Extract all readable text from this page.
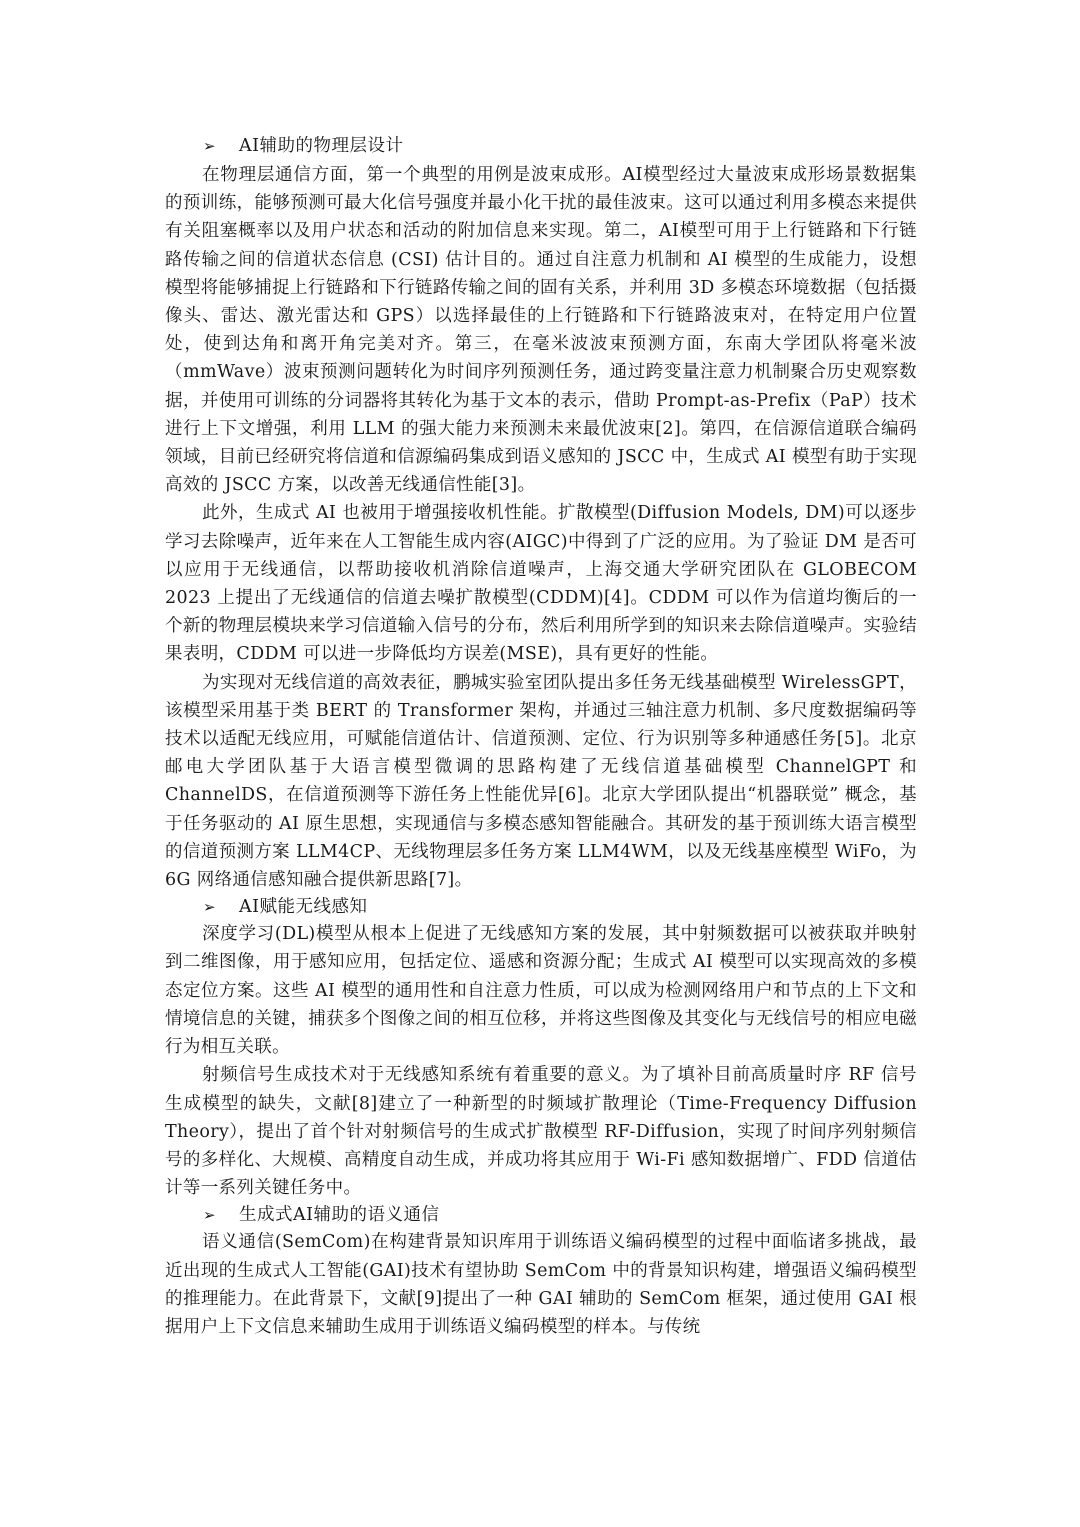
➢ AI辅助的物理层设计

在物理层通信方面，第一个典型的用例是波束成形。AI模型经过大量波束成形场景数据集的预训练，能够预测可最大化信号强度并最小化干扰的最佳波束。这可以通过利用多模态来提供有关阻塞概率以及用户状态和活动的附加信息来实现。第二，AI模型可用于上行链路和下行链路传输之间的信道状态信息 (CSI) 估计目的。通过自注意力机制和 AI 模型的生成能力，设想模型将能够捕捉上行链路和下行链路传输之间的固有关系，并利用 3D 多模态环境数据（包括摄像头、雷达、激光雷达和 GPS）以选择最佳的上行链路和下行链路波束对，在特定用户位置处，使到达角和离开角完美对齐。第三，在毫米波波束预测方面，东南大学团队将毫米波（mmWave）波束预测问题转化为时间序列预测任务，通过跨变量注意力机制聚合历史观察数据，并使用可训练的分词器将其转化为基于文本的表示，借助 Prompt-as-Prefix（PaP）技术进行上下文增强，利用 LLM 的强大能力来预测未来最优波束[2]。第四，在信源信道联合编码领域，目前已经研究将信道和信源编码集成到语义感知的 JSCC 中，生成式 AI 模型有助于实现高效的 JSCC 方案，以改善无线通信性能[3]。

此外，生成式 AI 也被用于增强接收机性能。扩散模型(Diffusion Models, DM)可以逐步学习去除噪声，近年来在人工智能生成内容(AIGC)中得到了广泛的应用。为了验证 DM 是否可以应用于无线通信，以帮助接收机消除信道噪声，上海交通大学研究团队在 GLOBECOM 2023 上提出了无线通信的信道去噪扩散模型(CDDM)[4]。CDDM 可以作为信道均衡后的一个新的物理层模块来学习信道输入信号的分布，然后利用所学到的知识来去除信道噪声。实验结果表明，CDDM 可以进一步降低均方误差(MSE)，具有更好的性能。

为实现对无线信道的高效表征，鹏城实验室团队提出多任务无线基础模型 WirelessGPT，该模型采用基于类 BERT 的 Transformer 架构，并通过三轴注意力机制、多尺度数据编码等技术以适配无线应用，可赋能信道估计、信道预测、定位、行为识别等多种通感任务[5]。北京邮电大学团队基于大语言模型微调的思路构建了无线信道基础模型 ChannelGPT 和 ChannelDS，在信道预测等下游任务上性能优异[6]。北京大学团队提出“机器联觉” 概念，基于任务驱动的 AI 原生思想，实现通信与多模态感知智能融合。其研发的基于预训练大语言模型的信道预测方案 LLM4CP、无线物理层多任务方案 LLM4WM，以及无线基座模型 WiFo，为 6G 网络通信感知融合提供新思路[7]。

➢ AI赋能无线感知

深度学习(DL)模型从根本上促进了无线感知方案的发展，其中射频数据可以被获取并映射到二维图像，用于感知应用，包括定位、遥感和资源分配；生成式 AI 模型可以实现高效的多模态定位方案。这些 AI 模型的通用性和自注意力性质，可以成为检测网络用户和节点的上下文和情境信息的关键，捕获多个图像之间的相互位移，并将这些图像及其变化与无线信号的相应电磁行为相互关联。

射频信号生成技术对于无线感知系统有着重要的意义。为了填补目前高质量时序 RF 信号生成模型的缺失，文献[8]建立了一种新型的时频域扩散理论（Time-Frequency Diffusion Theory），提出了首个针对射频信号的生成式扩散模型 RF-Diffusion，实现了时间序列射频信号的多样化、大规模、高精度自动生成，并成功将其应用于 Wi-Fi 感知数据增广、FDD 信道估计等一系列关键任务中。

➢ 生成式AI辅助的语义通信

语义通信(SemCom)在构建背景知识库用于训练语义编码模型的过程中面临诸多挑战，最近出现的生成式人工智能(GAI)技术有望协助 SemCom 中的背景知识构建，增强语义编码模型的推理能力。在此背景下，文献[9]提出了一种 GAI 辅助的 SemCom 框架，通过使用 GAI 根据用户上下文信息来辅助生成用于训练语义编码模型的样本。与传统
